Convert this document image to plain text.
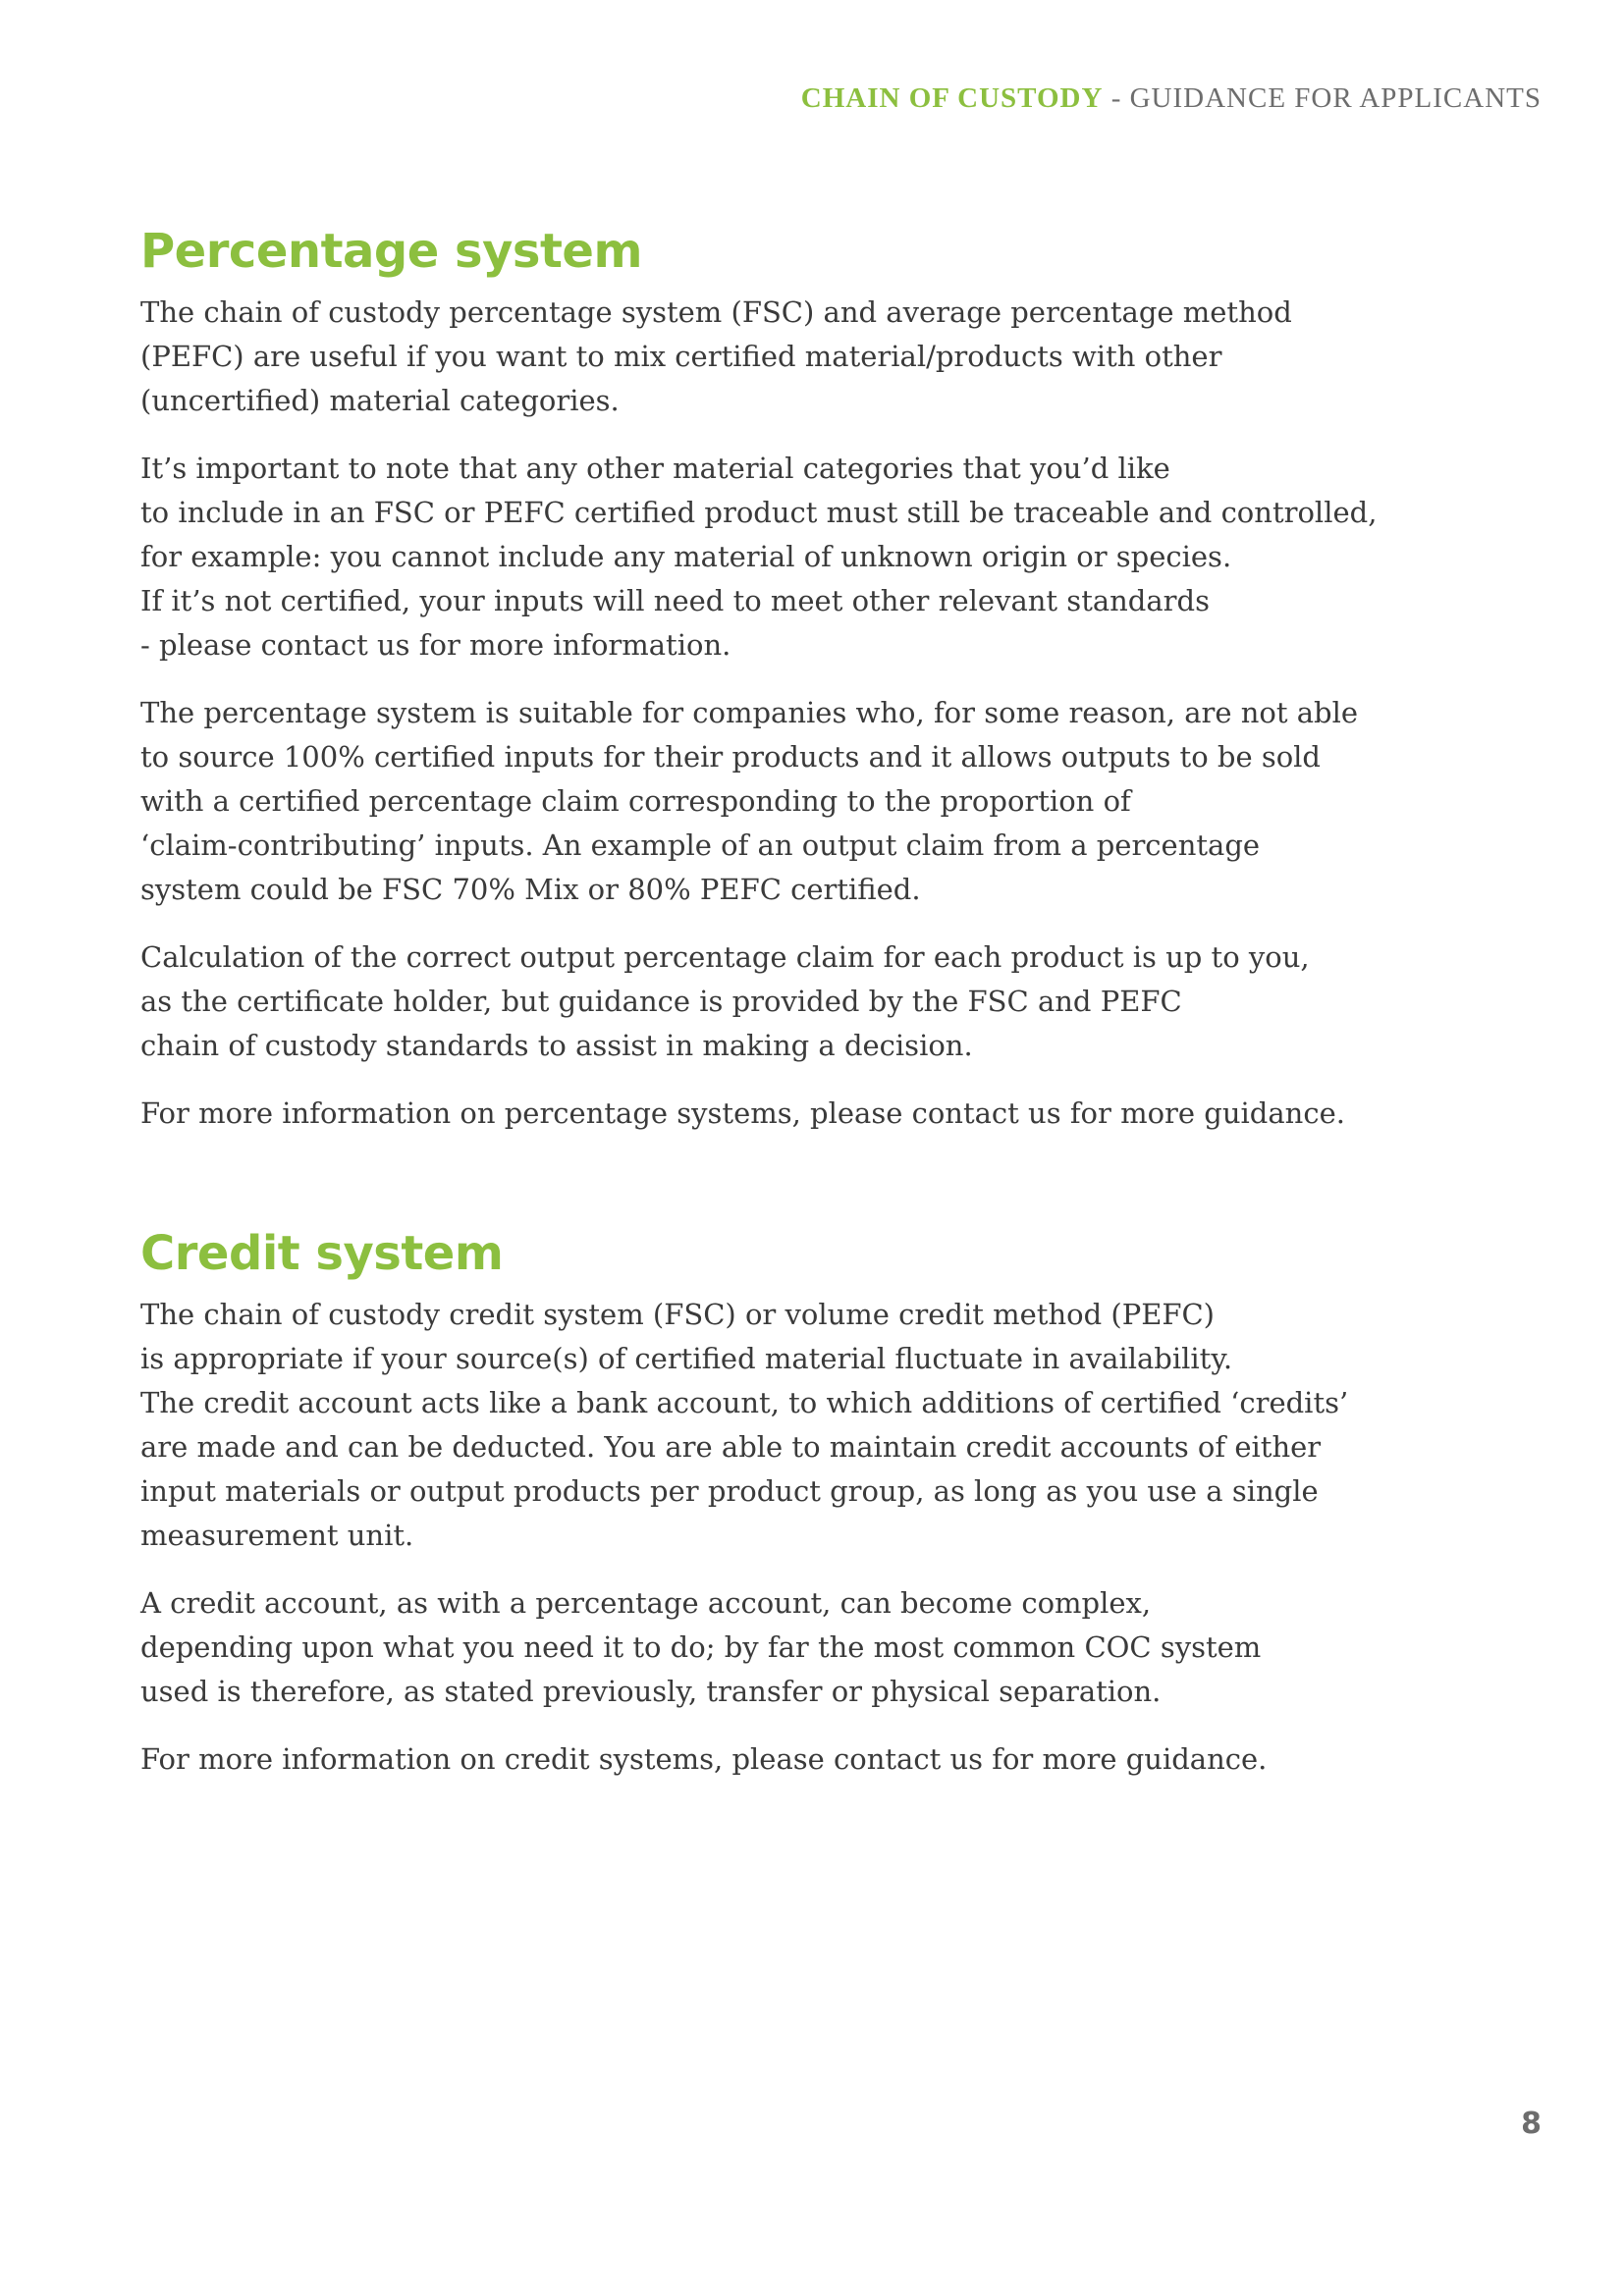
CHAIN OF CUSTODY - GUIDANCE FOR APPLICANTS
Percentage system

The chain of custody percentage system (FSC) and average percentage method
(PEFC) are useful if you want to mix certified material/products with other
(uncertified) material categories.

It’s important to note that any other material categories that you’d like
to include in an FSC or PEFC certified product must still be traceable and controlled,
for example: you cannot include any material of unknown origin or species.
If it’s not certified, your inputs will need to meet other relevant standards
- please contact us for more information.

The percentage system is suitable for companies who, for some reason, are not able
to source 100% certified inputs for their products and it allows outputs to be sold
with a certified percentage claim corresponding to the proportion of
‘claim-contributing’ inputs. An example of an output claim from a percentage
system could be FSC 70% Mix or 80% PEFC certified.

Calculation of the correct output percentage claim for each product is up to you,
as the certificate holder, but guidance is provided by the FSC and PEFC
chain of custody standards to assist in making a decision.

For more information on percentage systems, please contact us for more guidance.

Credit system

The chain of custody credit system (FSC) or volume credit method (PEFC)
is appropriate if your source(s) of certified material fluctuate in availability.
The credit account acts like a bank account, to which additions of certified ‘credits’
are made and can be deducted. You are able to maintain credit accounts of either
input materials or output products per product group, as long as you use a single
measurement unit.

A credit account, as with a percentage account, can become complex,
depending upon what you need it to do; by far the most common COC system
used is therefore, as stated previously, transfer or physical separation.

For more information on credit systems, please contact us for more guidance.

8
